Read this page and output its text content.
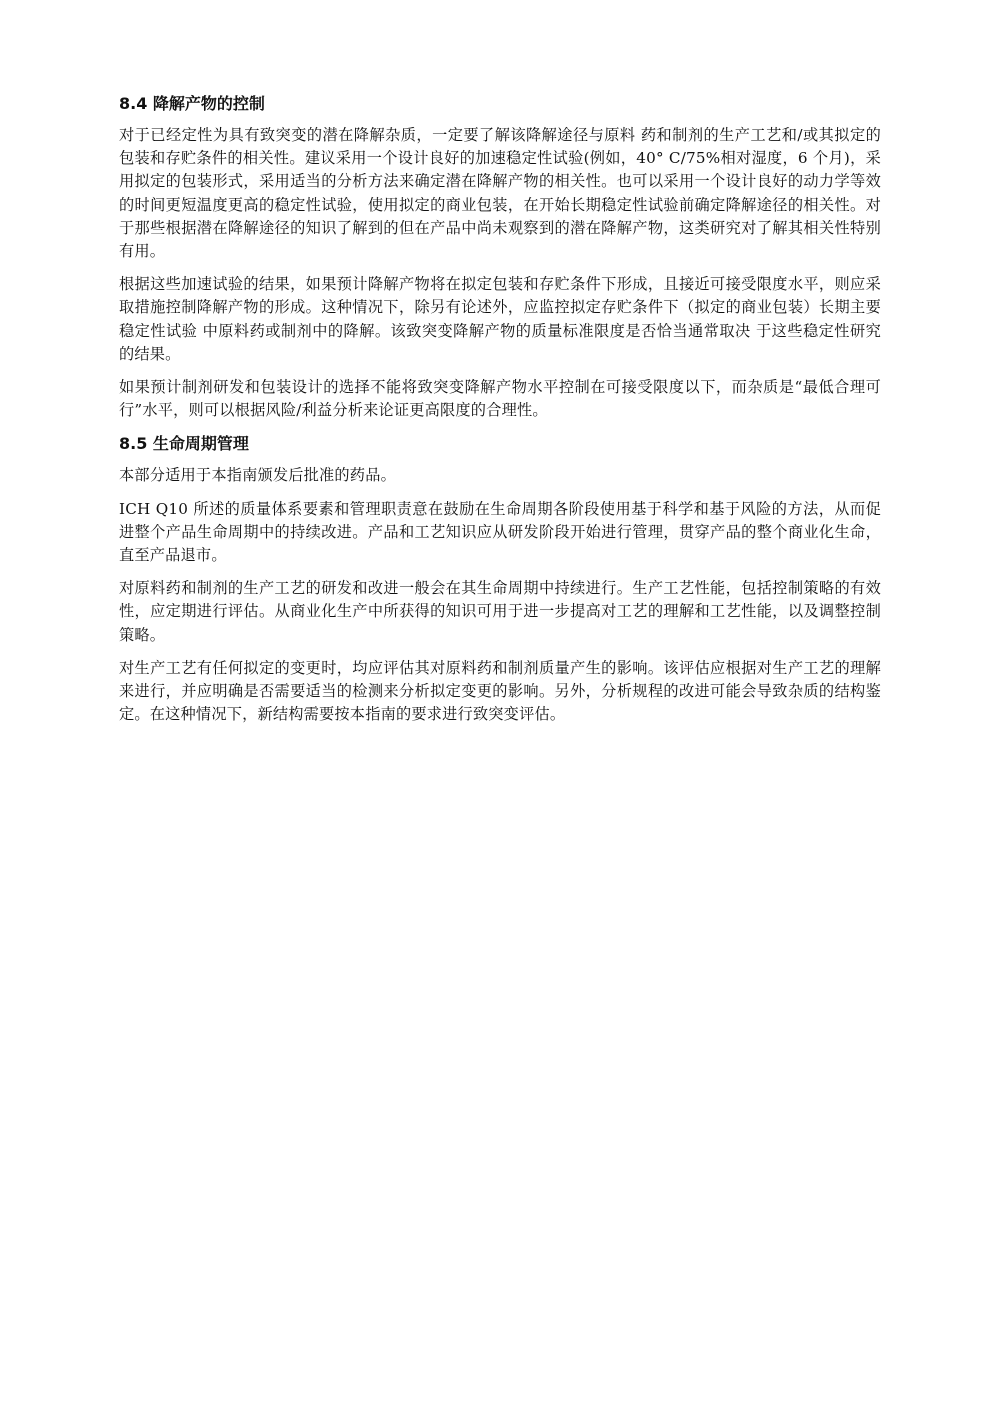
8.4 降解产物的控制

对于已经定性为具有致突变的潜在降解杂质，一定要了解该降解途径与原料 药和制剂的生产工艺和/或其拟定的包装和存贮条件的相关性。建议采用一个设计良好的加速稳定性试验(例如，40° C/75%相对湿度，6 个月)，采用拟定的包装形式，采用适当的分析方法来确定潜在降解产物的相关性。也可以采用一个设计良好的动力学等效的时间更短温度更高的稳定性试验，使用拟定的商业包装，在开始长期稳定性试验前确定降解途径的相关性。对于那些根据潜在降解途径的知识了解到的但在产品中尚未观察到的潜在降解产物，这类研究对了解其相关性特别有用。

根据这些加速试验的结果，如果预计降解产物将在拟定包装和存贮条件下形成，且接近可接受限度水平，则应采取措施控制降解产物的形成。这种情况下，除另有论述外，应监控拟定存贮条件下（拟定的商业包装）长期主要稳定性试验 中原料药或制剂中的降解。该致突变降解产物的质量标准限度是否恰当通常取决 于这些稳定性研究的结果。

如果预计制剂研发和包装设计的选择不能将致突变降解产物水平控制在可接受限度以下，而杂质是“最低合理可行”水平，则可以根据风险/利益分析来论证更高限度的合理性。

8.5 生命周期管理

本部分适用于本指南颁发后批准的药品。

ICH Q10 所述的质量体系要素和管理职责意在鼓励在生命周期各阶段使用基于科学和基于风险的方法，从而促进整个产品生命周期中的持续改进。产品和工艺知识应从研发阶段开始进行管理，贯穿产品的整个商业化生命，直至产品退市。

对原料药和制剂的生产工艺的研发和改进一般会在其生命周期中持续进行。生产工艺性能，包括控制策略的有效性，应定期进行评估。从商业化生产中所获得的知识可用于进一步提高对工艺的理解和工艺性能，以及调整控制策略。

对生产工艺有任何拟定的变更时，均应评估其对原料药和制剂质量产生的影响。该评估应根据对生产工艺的理解来进行，并应明确是否需要适当的检测来分析拟定变更的影响。另外，分析规程的改进可能会导致杂质的结构鉴定。在这种情况下，新结构需要按本指南的要求进行致突变评估。
